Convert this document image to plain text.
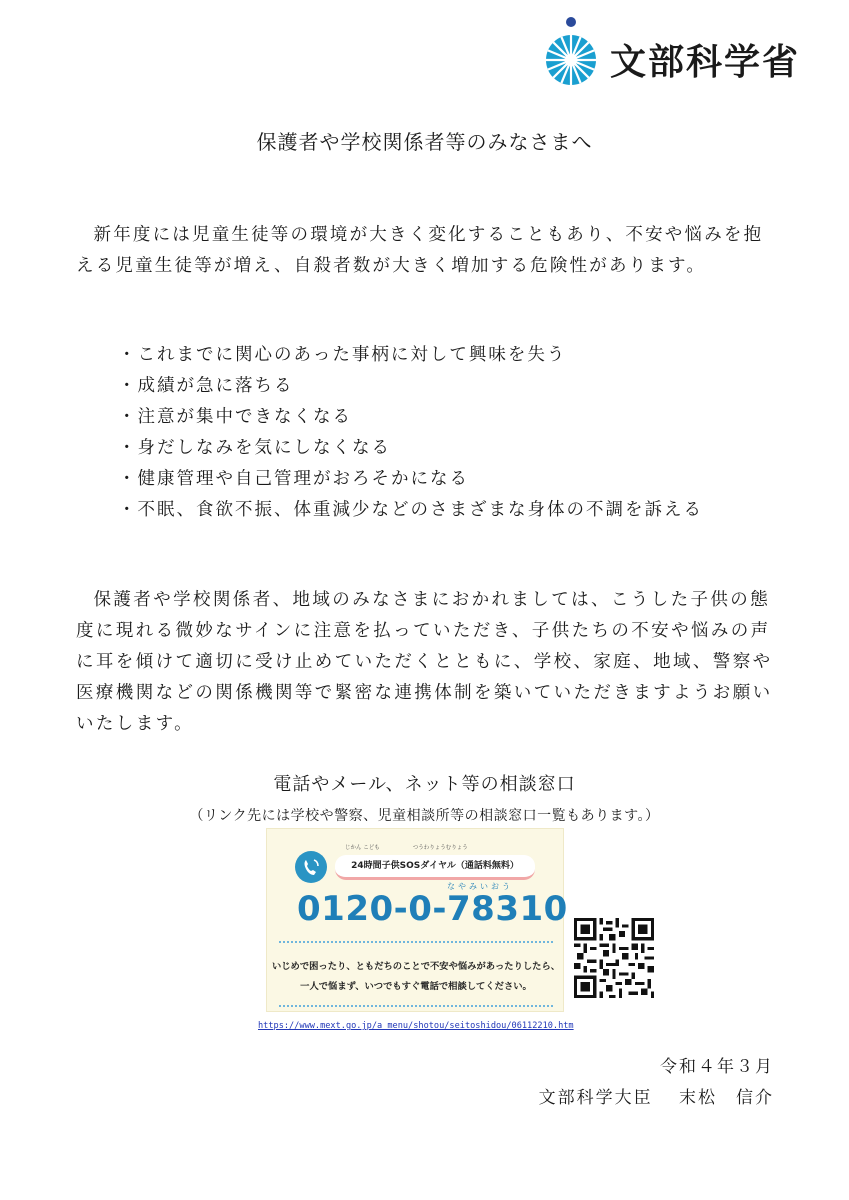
文部科学省
保護者や学校関係者等のみなさまへ
新年度には児童生徒等の環境が大きく変化することもあり、不安や悩みを抱える児童生徒等が増え、自殺者数が大きく増加する危険性があります。
・これまでに関心のあった事柄に対して興味を失う
・成績が急に落ちる
・注意が集中できなくなる
・身だしなみを気にしなくなる
・健康管理や自己管理がおろそかになる
・不眠、食欲不振、体重減少などのさまざまな身体の不調を訴える
保護者や学校関係者、地域のみなさまにおかれましては、こうした子供の態度に現れる微妙なサインに注意を払っていただき、子供たちの不安や悩みの声に耳を傾けて適切に受け止めていただくとともに、学校、家庭、地域、警察や医療機関などの関係機関等で緊密な連携体制を築いていただきますようお願いいたします。
電話やメール、ネット等の相談窓口
（リンク先には学校や警察、児童相談所等の相談窓口一覧もあります。）
じかん こども　　　　　　つうわりょうむりょう
24時間子供SOSダイヤル（通話料無料）
なやみいおう
0120-0-78310
いじめで困ったり、ともだちのことで不安や悩みがあったりしたら、
一人で悩まず、いつでもすぐ電話で相談してください。
https://www.mext.go.jp/a_menu/shotou/seitoshidou/06112210.htm
令和４年３月
文部科学大臣　 末松　信介
